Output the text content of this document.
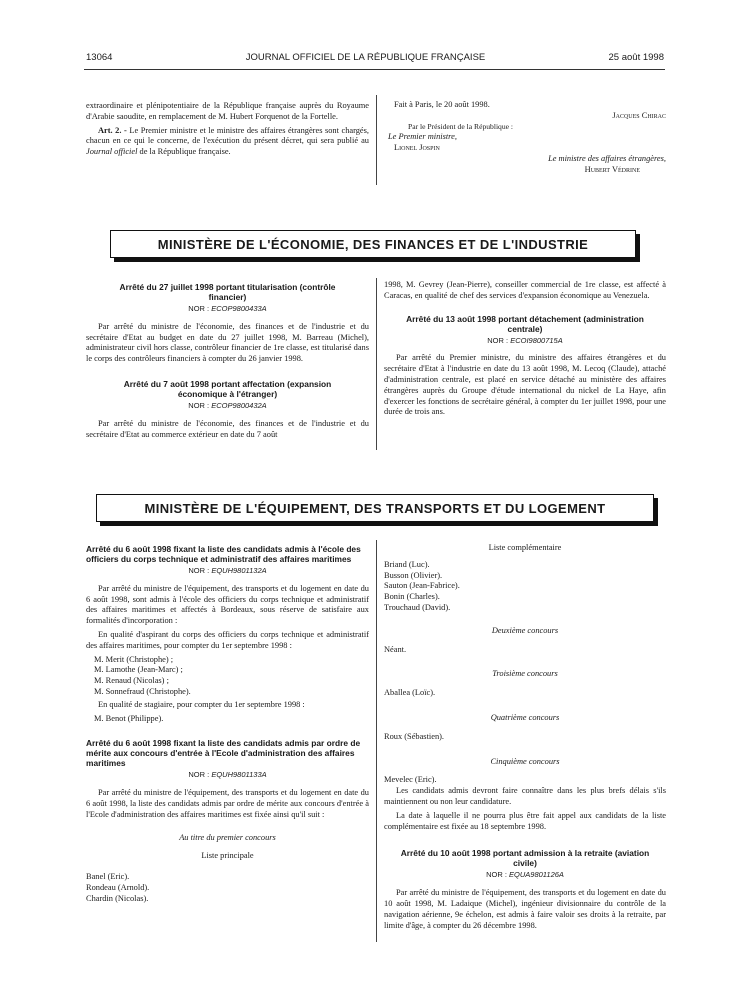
13064	JOURNAL OFFICIEL DE LA RÉPUBLIQUE FRANÇAISE	25 août 1998

extraordinaire et plénipotentiaire de la République française auprès du Royaume d'Arabie saoudite, en remplacement de M. Hubert Forquenot de la Fortelle.

Art. 2. - Le Premier ministre et le ministre des affaires étrangères sont chargés, chacun en ce qui le concerne, de l'exécution du présent décret, qui sera publié au Journal officiel de la République française.

Fait à Paris, le 20 août 1998.

Jacques Chirac

Par le Président de la République :

Le Premier ministre,

Lionel Jospin

Le ministre des affaires étrangères,

Hubert Védrine

MINISTÈRE DE L'ÉCONOMIE, DES FINANCES ET DE L'INDUSTRIE

Arrêté du 27 juillet 1998 portant titularisation (contrôle financier)

NOR : ECOP9800433A

Par arrêté du ministre de l'économie, des finances et de l'industrie et du secrétaire d'Etat au budget en date du 27 juillet 1998, M. Barreau (Michel), administrateur civil hors classe, contrôleur financier de 1re classe, est titularisé dans le corps des contrôleurs financiers à compter du 26 janvier 1998.

Arrêté du 7 août 1998 portant affectation (expansion économique à l'étranger)

NOR : ECOP9800432A

Par arrêté du ministre de l'économie, des finances et de l'industrie et du secrétaire d'Etat au commerce extérieur en date du 7 août

1998, M. Gevrey (Jean-Pierre), conseiller commercial de 1re classe, est affecté à Caracas, en qualité de chef des services d'expansion économique au Venezuela.

Arrêté du 13 août 1998 portant détachement (administration centrale)

NOR : ECOI9800715A

Par arrêté du Premier ministre, du ministre des affaires étrangères et du secrétaire d'Etat à l'industrie en date du 13 août 1998, M. Lecoq (Claude), attaché d'administration centrale, est placé en service détaché au ministère des affaires étrangères auprès du Groupe d'étude international du nickel de La Haye, afin d'exercer les fonctions de secrétaire général, à compter du 1er juillet 1998, pour une durée de trois ans.

MINISTÈRE DE L'ÉQUIPEMENT, DES TRANSPORTS ET DU LOGEMENT

Arrêté du 6 août 1998 fixant la liste des candidats admis à l'école des officiers du corps technique et administratif des affaires maritimes

NOR : EQUH9801132A

Par arrêté du ministre de l'équipement, des transports et du logement en date du 6 août 1998, sont admis à l'école des officiers du corps technique et administratif des affaires maritimes et affectés à Bordeaux, sous réserve de satisfaire aux formalités d'incorporation :

En qualité d'aspirant du corps des officiers du corps technique et administratif des affaires maritimes, pour compter du 1er septembre 1998 :

M. Merit (Christophe) ;

M. Lamothe (Jean-Marc) ;

M. Renaud (Nicolas) ;

M. Sonnefraud (Christophe).

En qualité de stagiaire, pour compter du 1er septembre 1998 :

M. Benot (Philippe).

Arrêté du 6 août 1998 fixant la liste des candidats admis par ordre de mérite aux concours d'entrée à l'Ecole d'administration des affaires maritimes

NOR : EQUH9801133A

Par arrêté du ministre de l'équipement, des transports et du logement en date du 6 août 1998, la liste des candidats admis par ordre de mérite aux concours d'entrée à l'Ecole d'administration des affaires maritimes est fixée ainsi qu'il suit :

Au titre du premier concours

Liste principale

Banel (Eric).

Rondeau (Arnold).

Chardin (Nicolas).

Liste complémentaire

Briand (Luc).

Busson (Olivier).

Sauton (Jean-Fabrice).

Bonin (Charles).

Trouchaud (David).

Deuxième concours

Néant.

Troisième concours

Aballea (Loïc).

Quatrième concours

Roux (Sébastien).

Cinquième concours

Mevelec (Eric).

Les candidats admis devront faire connaître dans les plus brefs délais s'ils maintiennent ou non leur candidature.

La date à laquelle il ne pourra plus être fait appel aux candidats de la liste complémentaire est fixée au 18 septembre 1998.

Arrêté du 10 août 1998 portant admission à la retraite (aviation civile)

NOR : EQUA9801126A

Par arrêté du ministre de l'équipement, des transports et du logement en date du 10 août 1998, M. Ladaique (Michel), ingénieur divisionnaire du contrôle de la navigation aérienne, 9e échelon, est admis à faire valoir ses droits à la retraite, par limite d'âge, à compter du 26 décembre 1998.
